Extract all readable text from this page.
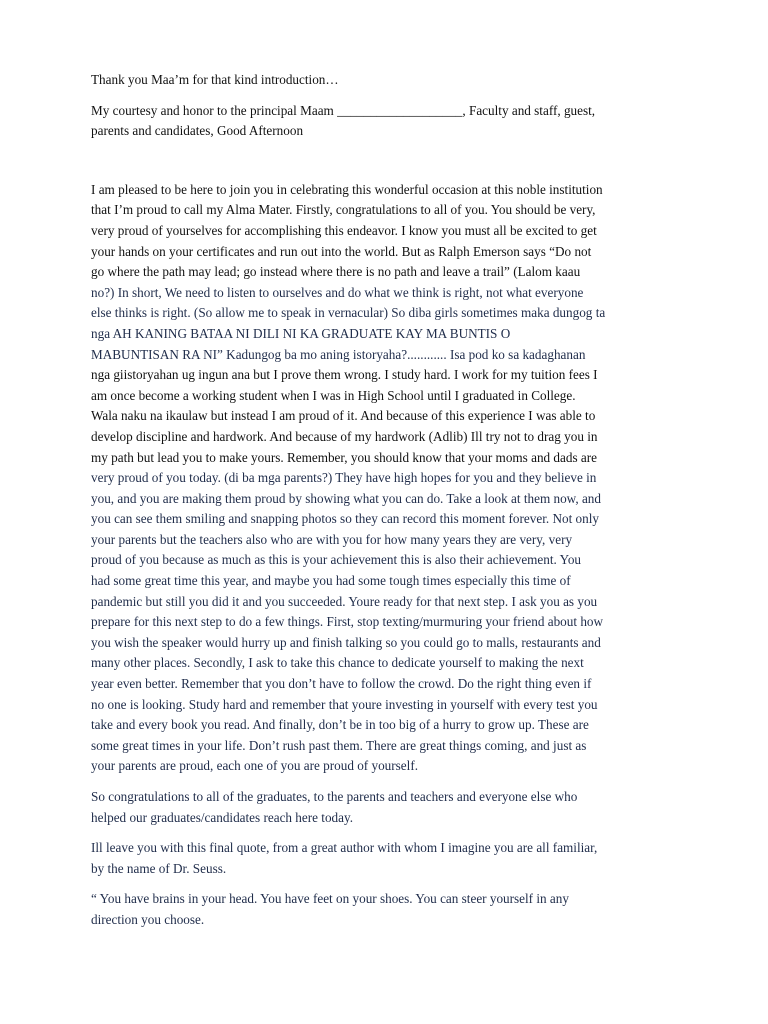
Thank you Maa’m for that kind introduction…
My courtesy and honor to the principal Maam ___________________, Faculty and staff, guest,
parents and candidates, Good Afternoon
I am pleased to be here to join you in celebrating this wonderful occasion at this noble institution
that I’m proud to call my Alma Mater. Firstly, congratulations to all of you. You should be very,
very proud of yourselves for accomplishing this endeavor. I know you must all be excited to get
your hands on your certificates and run out into the world. But as Ralph Emerson says “Do not
go where the path may lead; go instead where there is no path and leave a trail” (Lalom kaau
no?) In short, We need to listen to ourselves and do what we think is right, not what everyone
else thinks is right. (So allow me to speak in vernacular) So diba girls sometimes maka dungog ta
nga AH KANING BATAA NI DILI NI KA GRADUATE KAY MA BUNTIS O
MABUNTISAN RA NI” Kadungog ba mo aning istoryaha?............ Isa pod ko sa kadaghanan
nga giistoryahan ug ingun ana but I prove them wrong. I study hard. I work for my tuition fees I
am once become a working student when I was in High School until I graduated in College.
Wala naku na ikaulaw but instead I am proud of it. And because of this experience I was able to
develop discipline and hardwork. And because of my hardwork (Adlib) Ill try not to drag you in
my path but lead you to make yours. Remember, you should know that your moms and dads are
very proud of you today. (di ba mga parents?) They have high hopes for you and they believe in
you, and you are making them proud by showing what you can do. Take a look at them now, and
you can see them smiling and snapping photos so they can record this moment forever. Not only
your parents but the teachers also who are with you for how many years they are very, very
proud of you because as much as this is your achievement this is also their achievement. You
had some great time this year, and maybe you had some tough times especially this time of
pandemic but still you did it and you succeeded. Youre ready for that next step. I ask you as you
prepare for this next step to do a few things. First, stop texting/murmuring your friend about how
you wish the speaker would hurry up and finish talking so you could go to malls, restaurants and
many other places. Secondly, I ask to take this chance to dedicate yourself to making the next
year even better. Remember that you don’t have to follow the crowd. Do the right thing even if
no one is looking. Study hard and remember that youre investing in yourself with every test you
take and every book you read. And finally, don’t be in too big of a hurry to grow up. These are
some great times in your life. Don’t rush past them. There are great things coming, and just as
your parents are proud, each one of you are proud of yourself.
So congratulations to all of the graduates, to the parents and teachers and everyone else who
helped our graduates/candidates reach here today.
Ill leave you with this final quote, from a great author with whom I imagine you are all familiar,
by the name of Dr. Seuss.
“ You have brains in your head. You have feet on your shoes. You can steer yourself in any
direction you choose.
